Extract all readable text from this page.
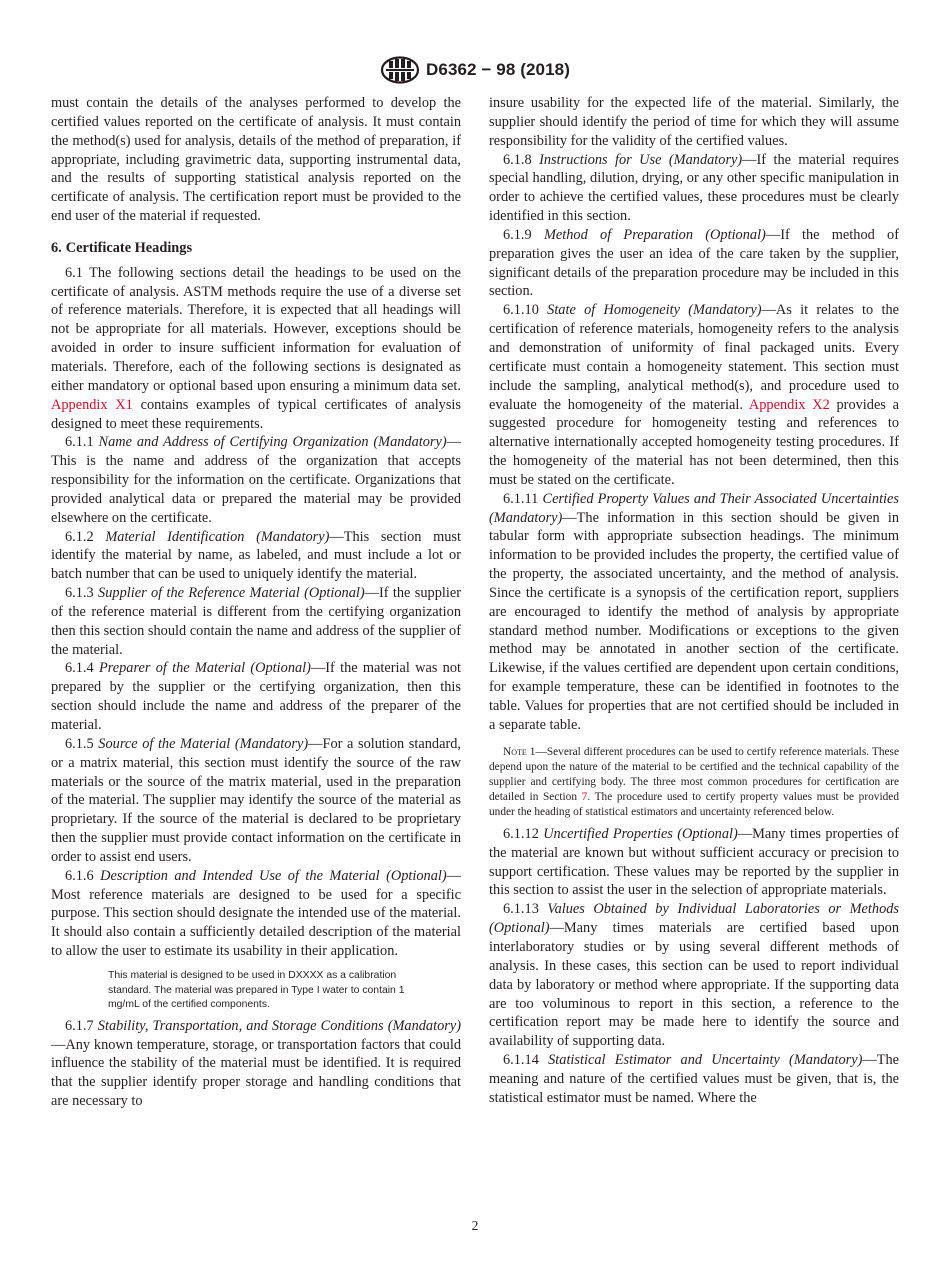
D6362 − 98 (2018)

must contain the details of the analyses performed to develop the certified values reported on the certificate of analysis. It must contain the method(s) used for analysis, details of the method of preparation, if appropriate, including gravimetric data, supporting instrumental data, and the results of supporting statistical analysis reported on the certificate of analysis. The certification report must be provided to the end user of the material if requested.

6. Certificate Headings

6.1 The following sections detail the headings to be used on the certificate of analysis. ASTM methods require the use of a diverse set of reference materials. Therefore, it is expected that all headings will not be appropriate for all materials. However, exceptions should be avoided in order to insure sufficient information for evaluation of materials. Therefore, each of the following sections is designated as either mandatory or optional based upon ensuring a minimum data set. Appendix X1 contains examples of typical certificates of analysis designed to meet these requirements.

6.1.1 Name and Address of Certifying Organization (Mandatory)—This is the name and address of the organization that accepts responsibility for the information on the certificate. Organizations that provided analytical data or prepared the material may be provided elsewhere on the certificate.

6.1.2 Material Identification (Mandatory)—This section must identify the material by name, as labeled, and must include a lot or batch number that can be used to uniquely identify the material.

6.1.3 Supplier of the Reference Material (Optional)—If the supplier of the reference material is different from the certifying organization then this section should contain the name and address of the supplier of the material.

6.1.4 Preparer of the Material (Optional)—If the material was not prepared by the supplier or the certifying organization, then this section should include the name and address of the preparer of the material.

6.1.5 Source of the Material (Mandatory)—For a solution standard, or a matrix material, this section must identify the source of the raw materials or the source of the matrix material, used in the preparation of the material. The supplier may identify the source of the material as proprietary. If the source of the material is declared to be proprietary then the supplier must provide contact information on the certificate in order to assist end users.

6.1.6 Description and Intended Use of the Material (Optional)—Most reference materials are designed to be used for a specific purpose. This section should designate the intended use of the material. It should also contain a sufficiently detailed description of the material to allow the user to estimate its usability in their application.

This material is designed to be used in DXXXX as a calibration standard. The material was prepared in Type I water to contain 1 mg/mL of the certified components.

6.1.7 Stability, Transportation, and Storage Conditions (Mandatory)—Any known temperature, storage, or transportation factors that could influence the stability of the material must be identified. It is required that the supplier identify proper storage and handling conditions that are necessary to

insure usability for the expected life of the material. Similarly, the supplier should identify the period of time for which they will assume responsibility for the validity of the certified values.

6.1.8 Instructions for Use (Mandatory)—If the material requires special handling, dilution, drying, or any other specific manipulation in order to achieve the certified values, these procedures must be clearly identified in this section.

6.1.9 Method of Preparation (Optional)—If the method of preparation gives the user an idea of the care taken by the supplier, significant details of the preparation procedure may be included in this section.

6.1.10 State of Homogeneity (Mandatory)—As it relates to the certification of reference materials, homogeneity refers to the analysis and demonstration of uniformity of final packaged units. Every certificate must contain a homogeneity statement. This section must include the sampling, analytical method(s), and procedure used to evaluate the homogeneity of the material. Appendix X2 provides a suggested procedure for homogeneity testing and references to alternative internationally accepted homogeneity testing procedures. If the homogeneity of the material has not been determined, then this must be stated on the certificate.

6.1.11 Certified Property Values and Their Associated Uncertainties (Mandatory)—The information in this section should be given in tabular form with appropriate subsection headings. The minimum information to be provided includes the property, the certified value of the property, the associated uncertainty, and the method of analysis. Since the certificate is a synopsis of the certification report, suppliers are encouraged to identify the method of analysis by appropriate standard method number. Modifications or exceptions to the given method may be annotated in another section of the certificate. Likewise, if the values certified are dependent upon certain conditions, for example temperature, these can be identified in footnotes to the table. Values for properties that are not certified should be included in a separate table.

Note 1—Several different procedures can be used to certify reference materials. These depend upon the nature of the material to be certified and the technical capability of the supplier and certifying body. The three most common procedures for certification are detailed in Section 7. The procedure used to certify property values must be provided under the heading of statistical estimators and uncertainty referenced below.

6.1.12 Uncertified Properties (Optional)—Many times properties of the material are known but without sufficient accuracy or precision to support certification. These values may be reported by the supplier in this section to assist the user in the selection of appropriate materials.

6.1.13 Values Obtained by Individual Laboratories or Methods (Optional)—Many times materials are certified based upon interlaboratory studies or by using several different methods of analysis. In these cases, this section can be used to report individual data by laboratory or method where appropriate. If the supporting data are too voluminous to report in this section, a reference to the certification report may be made here to identify the source and availability of supporting data.

6.1.14 Statistical Estimator and Uncertainty (Mandatory)—The meaning and nature of the certified values must be given, that is, the statistical estimator must be named. Where the

2
